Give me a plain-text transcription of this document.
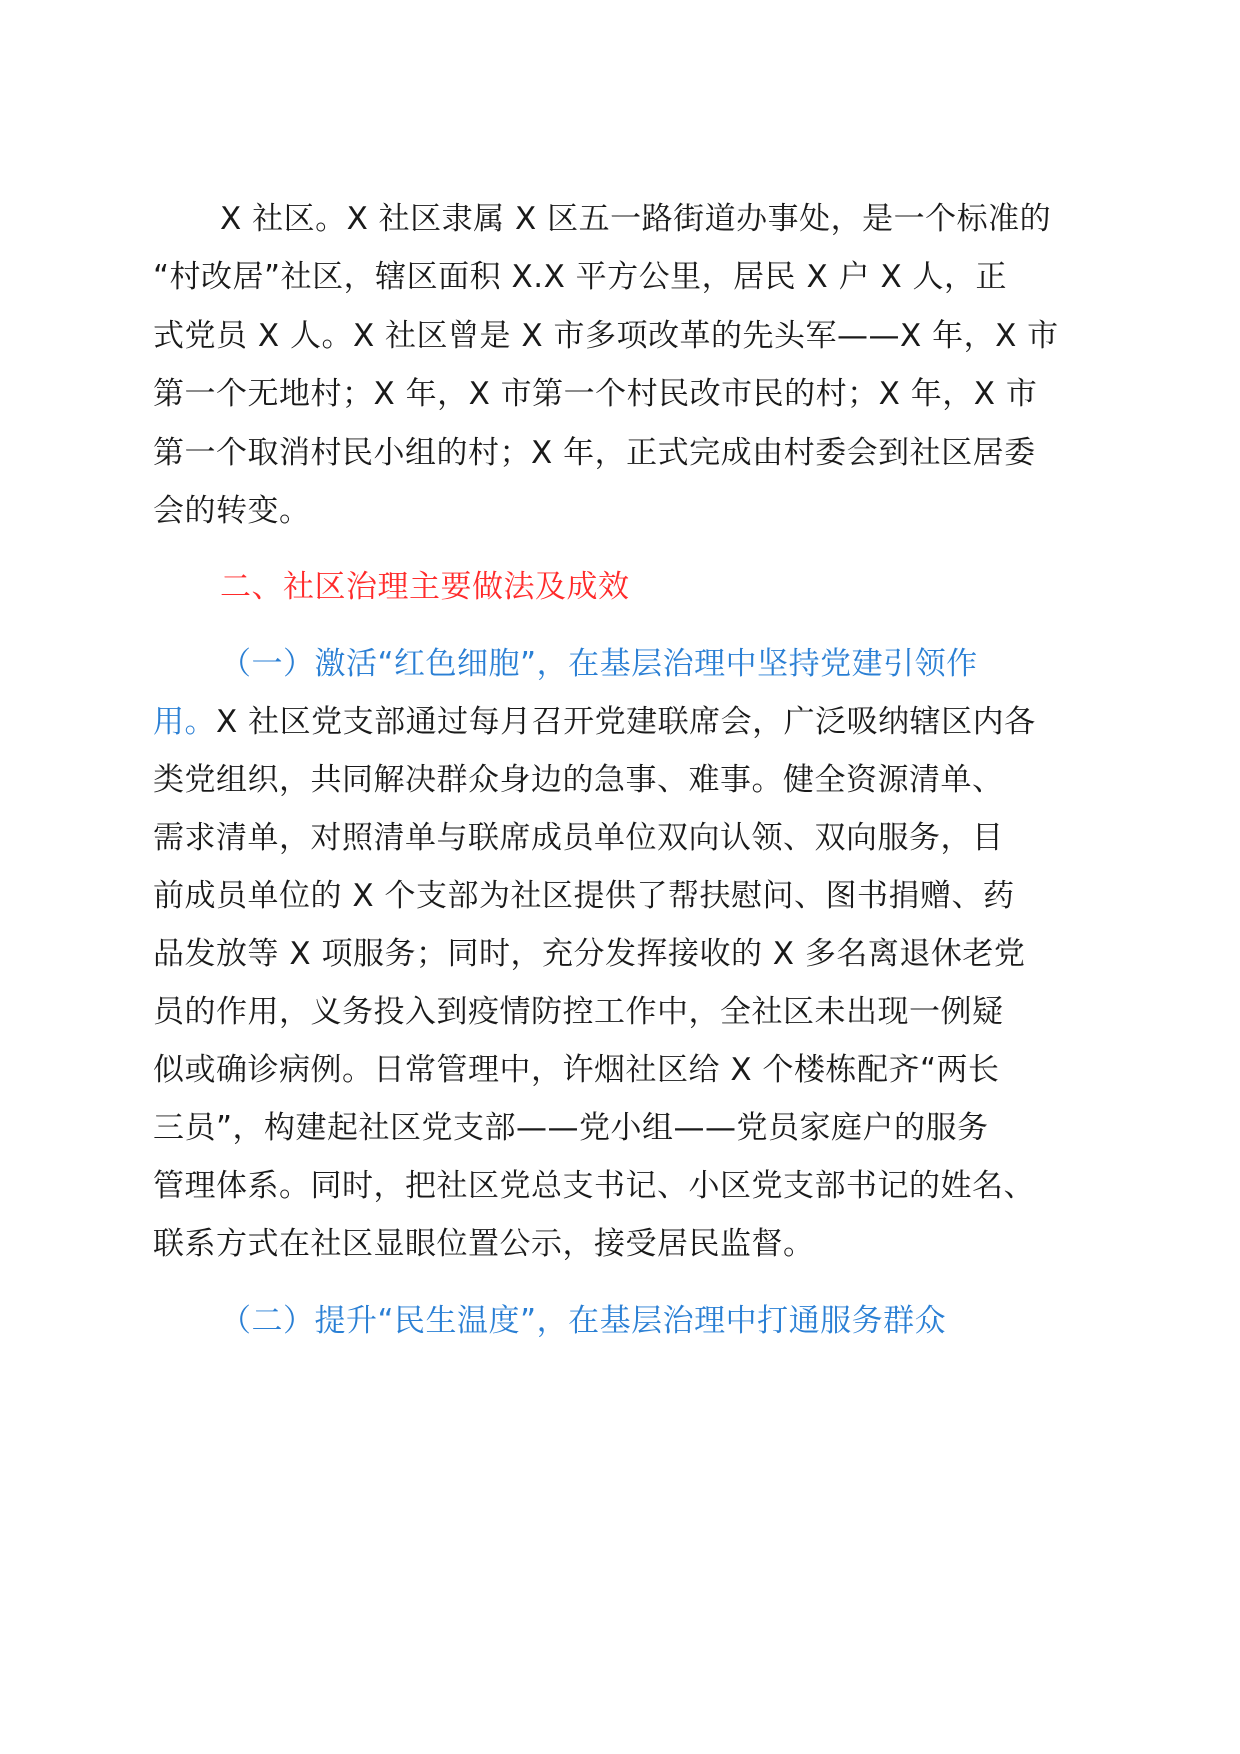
X 社区。X 社区隶属 X 区五一路街道办事处，是一个标准的
“村改居”社区，辖区面积 X.X 平方公里，居民 X 户 X 人，正
式党员 X 人。X 社区曾是 X 市多项改革的先头军——X 年，X 市
第一个无地村；X 年，X 市第一个村民改市民的村；X 年，X 市
第一个取消村民小组的村；X 年，正式完成由村委会到社区居委
会的转变。
二、社区治理主要做法及成效
（一）激活“红色细胞”，在基层治理中坚持党建引领作
用。X 社区党支部通过每月召开党建联席会，广泛吸纳辖区内各
类党组织，共同解决群众身边的急事、难事。健全资源清单、
需求清单，对照清单与联席成员单位双向认领、双向服务，目
前成员单位的 X 个支部为社区提供了帮扶慰问、图书捐赠、药
品发放等 X 项服务；同时，充分发挥接收的 X 多名离退休老党
员的作用，义务投入到疫情防控工作中，全社区未出现一例疑
似或确诊病例。日常管理中，许烟社区给 X 个楼栋配齐“两长
三员”，构建起社区党支部——党小组——党员家庭户的服务
管理体系。同时，把社区党总支书记、小区党支部书记的姓名、
联系方式在社区显眼位置公示，接受居民监督。
（二）提升“民生温度”，在基层治理中打通服务群众
